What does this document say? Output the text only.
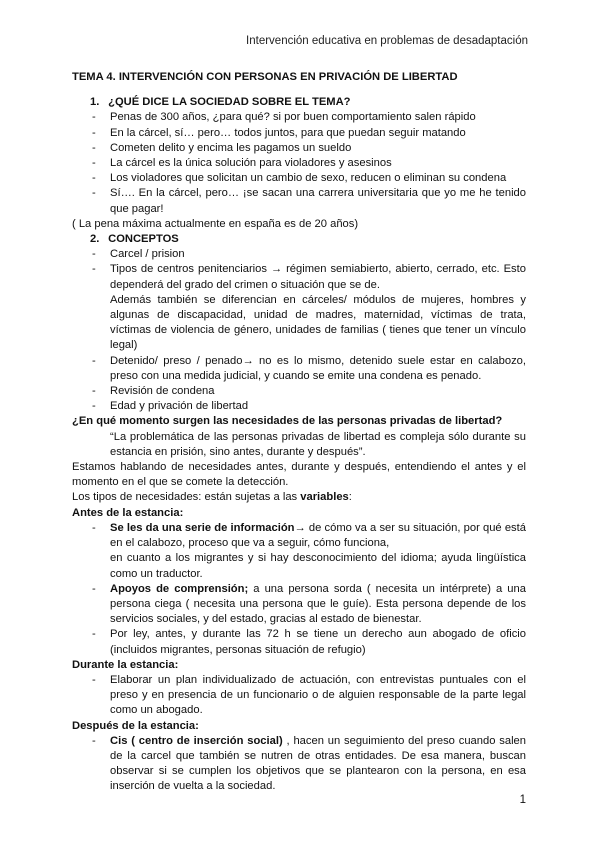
Intervención educativa en problemas de desadaptación
TEMA 4. INTERVENCIÓN CON PERSONAS EN PRIVACIÓN DE LIBERTAD
1. ¿QUÉ DICE LA SOCIEDAD SOBRE EL TEMA?
- Penas de 300 años, ¿para qué? si por buen comportamiento salen rápido
- En la cárcel, sí… pero… todos juntos, para que puedan seguir matando
- Cometen delito y encima les pagamos un sueldo
- La cárcel es la única solución para violadores y asesinos
- Los violadores que solicitan un cambio de sexo, reducen o eliminan su condena
- Sí…. En la cárcel, pero… ¡se sacan una carrera universitaria que yo me he tenido que pagar!

( La pena máxima actualmente en españa es de 20 años)

2. CONCEPTOS
- Carcel / prision
- Tipos de centros penitenciarios → régimen semiabierto, abierto, cerrado, etc. Esto dependerá del grado del crimen o situación que se de.
Además también se diferencian en cárceles/ módulos de mujeres, hombres y algunas de discapacidad, unidad de madres, maternidad, víctimas de trata, víctimas de violencia de género, unidades de familias ( tienes que tener un vínculo legal)
- Detenido/ preso / penado→ no es lo mismo, detenido suele estar en calabozo, preso con una medida judicial, y cuando se emite una condena es penado.
- Revisión de condena
- Edad y privación de libertad

¿En qué momento surgen las necesidades de las personas privadas de libertad?

“La problemática de las personas privadas de libertad es compleja sólo durante su estancia en prisión, sino antes, durante y después”.

Estamos hablando de necesidades antes, durante y después, entendiendo el antes y el momento en el que se comete la detección.

Los tipos de necesidades: están sujetas a las variables:

Antes de la estancia:

- Se les da una serie de información→ de cómo va a ser su situación, por qué está en el calabozo, proceso que va a seguir, cómo funciona,
en cuanto a los migrantes y si hay desconocimiento del idioma; ayuda lingüística como un traductor.
- Apoyos de comprensión; a una persona sorda ( necesita un intérprete) a una persona ciega ( necesita una persona que le guíe). Esta persona depende de los servicios sociales, y del estado, gracias al estado de bienestar.
- Por ley, antes, y durante las 72 h se tiene un derecho aun abogado de oficio (incluidos migrantes, personas situación de refugio)

Durante la estancia:

- Elaborar un plan individualizado de actuación, con entrevistas puntuales con el preso y en presencia de un funcionario o de alguien responsable de la parte legal como un abogado.

Después de la estancia:

- Cis ( centro de inserción social) , hacen un seguimiento del preso cuando salen de la carcel que también se nutren de otras entidades. De esa manera, buscan observar si se cumplen los objetivos que se plantearon con la persona, en esa inserción de vuelta a la sociedad.
1
